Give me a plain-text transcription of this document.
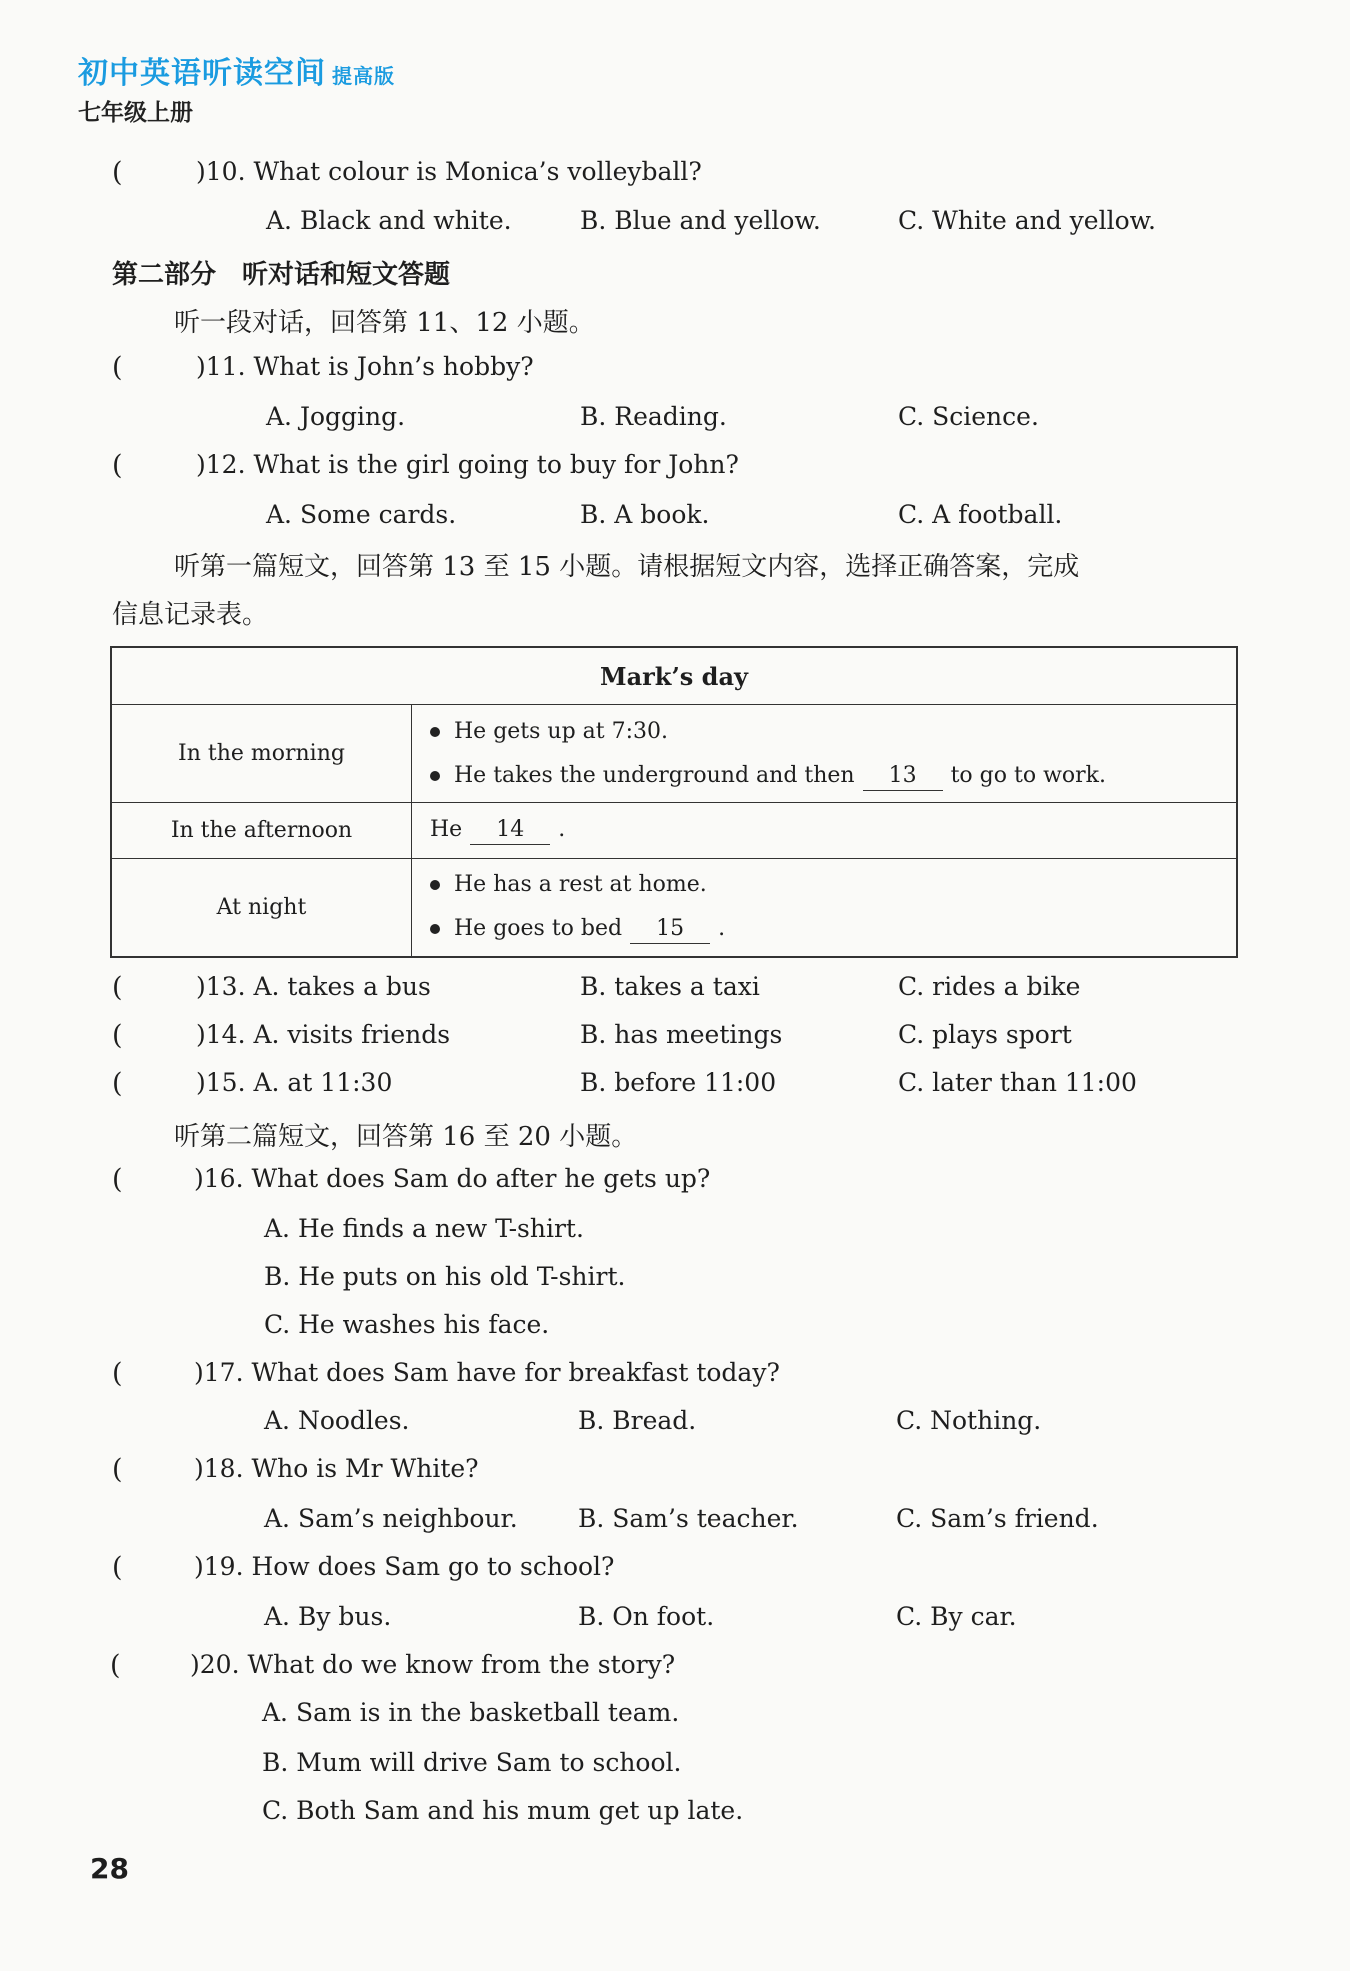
初中英语听读空间 提高版
七年级上册
(	)10. What colour is Monica’s volleyball?
A. Black and white.	B. Blue and yellow.	C. White and yellow.
第二部分　听对话和短文答题
听一段对话，回答第 11、12 小题。
(	)11. What is John’s hobby?
A. Jogging.	B. Reading.	C. Science.
(	)12. What is the girl going to buy for John?
A. Some cards.	B. A book.	C. A football.
听第一篇短文，回答第 13 至 15 小题。请根据短文内容，选择正确答案，完成
信息记录表。
Mark’s day	
In the morning	He gets up at 7:30.
He takes the underground and then 13 to go to work.

In the afternoon	He 14 .
At night	He has a rest at home.
He goes to bed 15 .
(	)13. A. takes a bus	B. takes a taxi	C. rides a bike
(	)14. A. visits friends	B. has meetings	C. plays sport
(	)15. A. at 11:30	B. before 11:00	C. later than 11:00
听第二篇短文，回答第 16 至 20 小题。
(	)16. What does Sam do after he gets up?
A. He finds a new T-shirt.
B. He puts on his old T-shirt.
C. He washes his face.
(	)17. What does Sam have for breakfast today?
A. Noodles.	B. Bread.	C. Nothing.
(	)18. Who is Mr White?
A. Sam’s neighbour. B. Sam’s teacher.	C. Sam’s friend.
(	)19. How does Sam go to school?
A. By bus.	B. On foot.	C. By car.
(	)20. What do we know from the story?
A. Sam is in the basketball team.
B. Mum will drive Sam to school.
C. Both Sam and his mum get up late.
28
